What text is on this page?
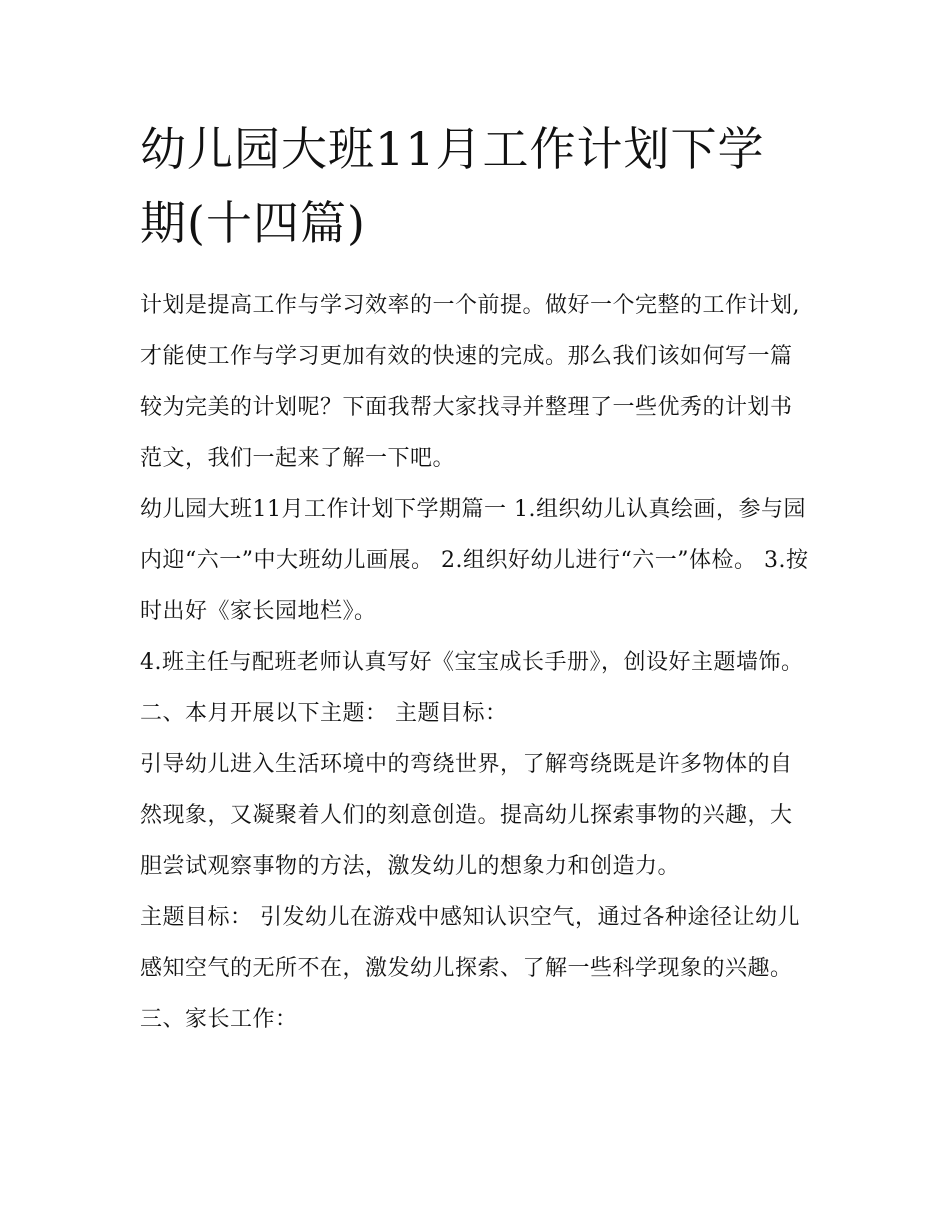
幼儿园大班11月工作计划下学
期(十四篇)

计划是提高工作与学习效率的一个前提。做好一个完整的工作计划,才能使工作与学习更加有效的快速的完成。那么我们该如何写一篇较为完美的计划呢？下面我帮大家找寻并整理了一些优秀的计划书范文，我们一起来了解一下吧。

幼儿园大班11月工作计划下学期篇一 1.组织幼儿认真绘画，参与园内迎“六一”中大班幼儿画展。 2.组织好幼儿进行“六一”体检。 3.按时出好《家长园地栏》。

4.班主任与配班老师认真写好《宝宝成长手册》，创设好主题墙饰。 二、本月开展以下主题： 主题目标：

引导幼儿进入生活环境中的弯绕世界，了解弯绕既是许多物体的自然现象，又凝聚着人们的刻意创造。提高幼儿探索事物的兴趣，大胆尝试观察事物的方法，激发幼儿的想象力和创造力。

主题目标： 引发幼儿在游戏中感知认识空气，通过各种途径让幼儿感知空气的无所不在，激发幼儿探索、了解一些科学现象的兴趣。 三、家长工作：
